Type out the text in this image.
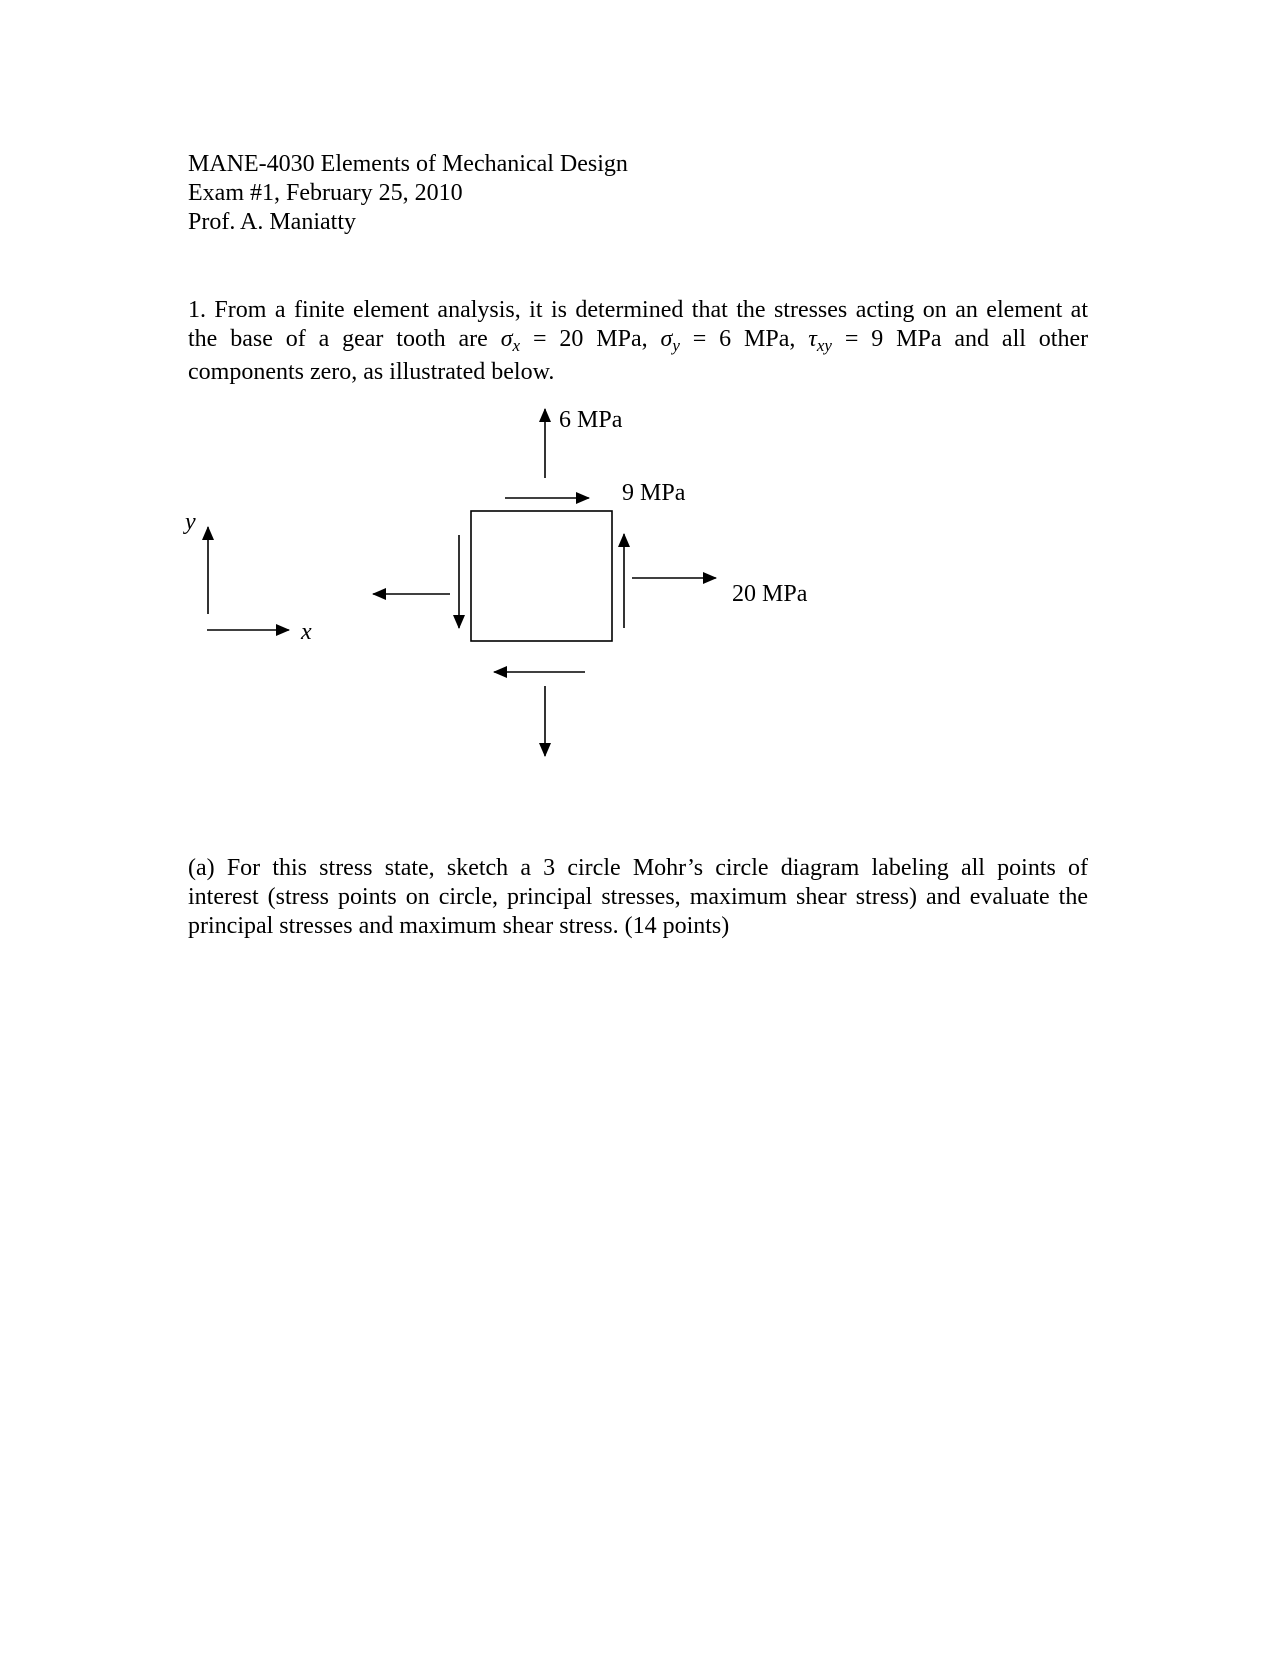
MANE-4030 Elements of Mechanical Design
Exam #1, February 25, 2010
Prof. A. Maniatty
1. From a finite element analysis, it is determined that the stresses acting on an element at
the base of a gear tooth are $\sigma_x = 20$ MPa, $\sigma_y = 6$ MPa, $\tau_{xy} = 9$ MPa and all other
components zero, as illustrated below.
6 MPa
9 MPa
20 MPa
y
x
(a) For this stress state, sketch a 3 circle Mohr’s circle diagram labeling all points of
interest (stress points on circle, principal stresses, maximum shear stress) and evaluate the
principal stresses and maximum shear stress. (14 points)
